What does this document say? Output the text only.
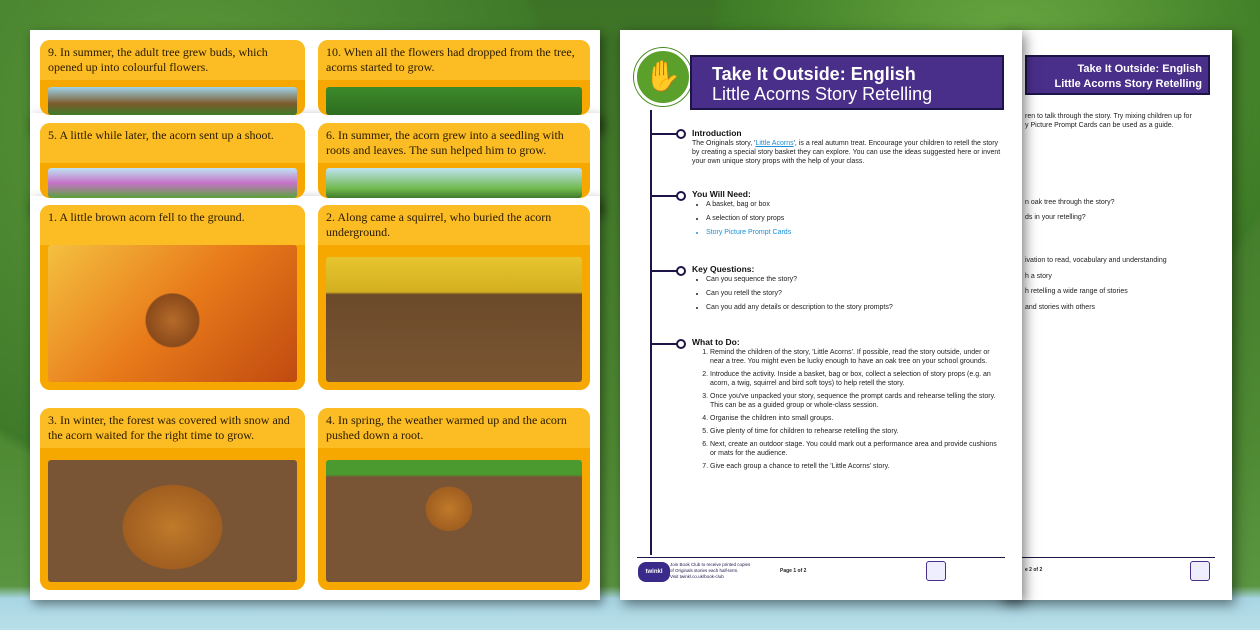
9. In summer, the adult tree grew buds, which opened up into colourful flowers.
10. When all the flowers had dropped from the tree, acorns started to grow.
5. A little while later, the acorn sent up a shoot.	6. In summer, the acorn grew into a seedling with roots and leaves. The sun helped him to grow.
1. A little brown acorn fell to the ground.	2. Along came a squirrel, who buried the acorn underground.
3. In winter, the forest was covered with snow and the acorn waited for the right time to grow.
4. In spring, the weather warmed up and the acorn pushed down a root.
Take It Outside: English
Little Acorns Story Retelling
ren to talk through the story. Try mixing children up for
y Picture Prompt Cards can be used as a guide.
n oak tree through the story?
ds in your retelling?
ivation to read, vocabulary and understanding
h a story
h retelling a wide range of stories
and stories with others
e 2 of 2
✋	Take It Outside: English
Little Acorns Story Retelling
Introduction

The Originals story, 'Little Acorns', is a real autumn treat. Encourage your children to retell the story by creating a special story basket they can explore. You can use the ideas suggested here or invent your own unique story props with the help of your class.

You Will Need:
• A basket, bag or box
• A selection of story props
• Story Picture Prompt Cards
Key Questions:
• Can you sequence the story?
• Can you retell the story?
• Can you add any details or description to the story prompts?
What to Do:
1. Remind the children of the story, 'Little Acorns'. If possible, read the story outside, under or near a tree. You might even be lucky enough to have an oak tree on your school grounds.
2. Introduce the activity. Inside a basket, bag or box, collect a selection of story props (e.g. an acorn, a twig, squirrel and bird soft toys) to help retell the story.
3. Once you've unpacked your story, sequence the prompt cards and rehearse telling the story. This can be as a guided group or whole-class session.
4. Organise the children into small groups.
5. Give plenty of time for children to rehearse retelling the story.
6. Next, create an outdoor stage. You could mark out a performance area and provide cushions or mats for the audience.
7. Give each group a chance to retell the 'Little Acorns' story.
twinkl
Join Book Club to receive printed copies
of Originals stories each half-term.
Visit twinkl.co.uk/book-club
Page 1 of 2
